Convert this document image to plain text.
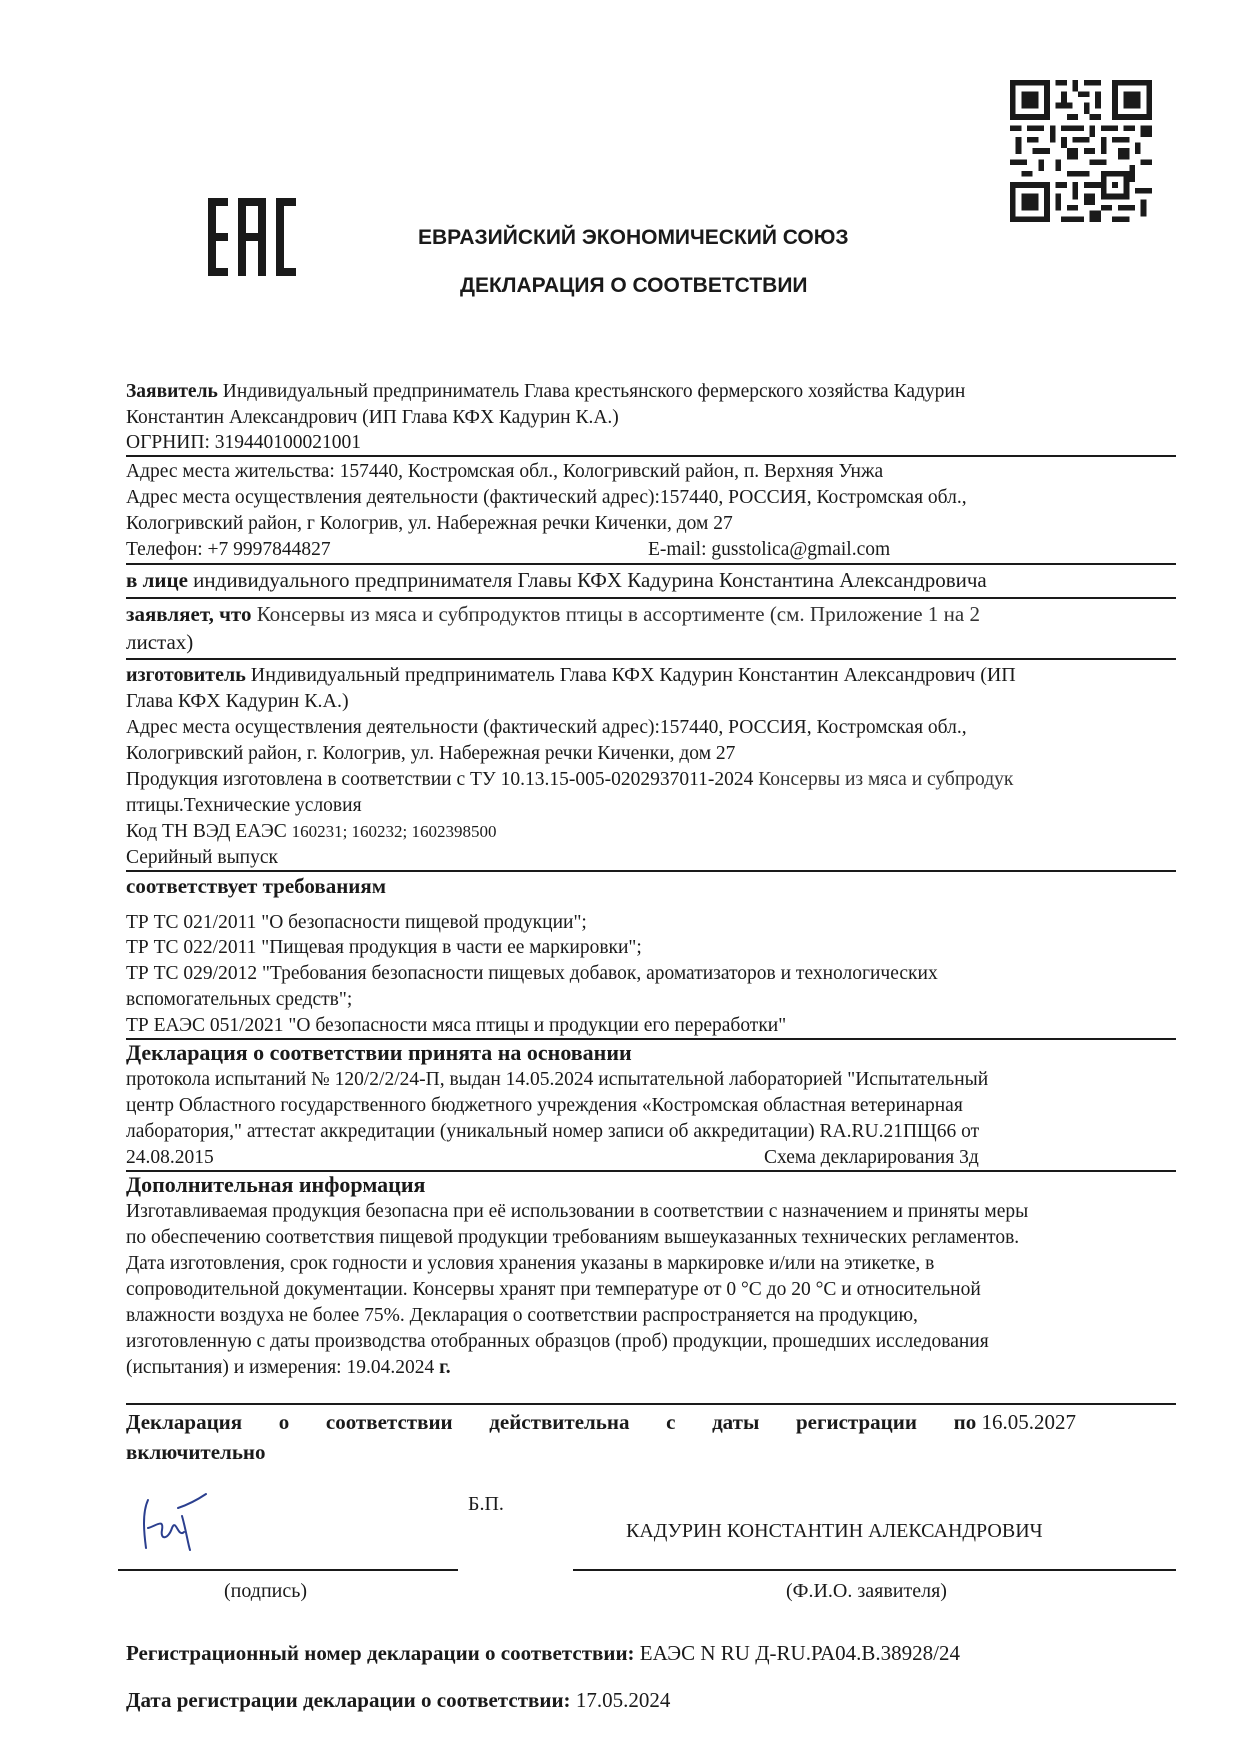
ЕВРАЗИЙСКИЙ ЭКОНОМИЧЕСКИЙ СОЮЗ
ДЕКЛАРАЦИЯ О СООТВЕТСТВИИ
Заявитель Индивидуальный предприниматель Глава крестьянского фермерского хозяйства Кадурин
Константин Александрович (ИП Глава КФХ Кадурин К.А.)
ОГРНИП: 319440100021001
Адрес места жительства: 157440, Костромская обл., Кологривский район, п. Верхняя Унжа
Адрес места осуществления деятельности (фактический адрес):157440, РОССИЯ, Костромская обл.,
Кологривский район, г Кологрив, ул. Набережная речки Киченки, дом 27
Телефон: +7 9997844827	E-mail: gusstolica@gmail.com
в лице индивидуального предпринимателя Главы КФХ Кадурина Константина Александровича
заявляет, что Консервы из мяса и субпродуктов птицы в ассортименте (см. Приложение 1 на 2
листах)
изготовитель Индивидуальный предприниматель Глава КФХ Кадурин Константин Александрович (ИП
Глава КФХ Кадурин К.А.)
Адрес места осуществления деятельности (фактический адрес):157440, РОССИЯ, Костромская обл.,
Кологривский район, г. Кологрив, ул. Набережная речки Киченки, дом 27
Продукция изготовлена в соответствии с ТУ 10.13.15-005-0202937011-2024 Консервы из мяса и субпродук
птицы.Технические условия
Код ТН ВЭД ЕАЭС 160231; 160232; 1602398500
Серийный выпуск
соответствует требованиям
ТР ТС 021/2011 "О безопасности пищевой продукции";
ТР ТС 022/2011 "Пищевая продукция в части ее маркировки";
ТР ТС 029/2012 "Требования безопасности пищевых добавок, ароматизаторов и технологических
вспомогательных средств";
ТР ЕАЭС 051/2021 "О безопасности мяса птицы и продукции его переработки"
Декларация о соответствии принята на основании
протокола испытаний № 120/2/2/24-П, выдан 14.05.2024 испытательной лабораторией "Испытательный
центр Областного государственного бюджетного учреждения «Костромская областная ветеринарная
лаборатория," аттестат аккредитации (уникальный номер записи об аккредитации) RA.RU.21ПЩ66 от
24.08.2015	Схема декларирования 3д
Дополнительная информация
Изготавливаемая продукция безопасна при её использовании в соответствии с назначением и приняты меры
по обеспечению соответствия пищевой продукции требованиям вышеуказанных технических регламентов.
Дата изготовления, срок годности и условия хранения указаны в маркировке и/или на этикетке, в
сопроводительной документации. Консервы хранят при температуре от 0 °С до 20 °С и относительной
влажности воздуха не более 75%. Декларация о соответствии распространяется на продукцию,
изготовленную с даты производства отобранных образцов (проб) продукции, прошедших исследования
(испытания) и измерения: 19.04.2024 г.
Декларация о соответствии действительна с даты регистрации по 16.05.2027
включительно
Б.П.
КАДУРИН КОНСТАНТИН АЛЕКСАНДРОВИЧ
(подпись)	(Ф.И.О. заявителя)
Регистрационный номер декларации о соответствии: ЕАЭС N RU Д-RU.РА04.В.38928/24
Дата регистрации декларации о соответствии: 17.05.2024
